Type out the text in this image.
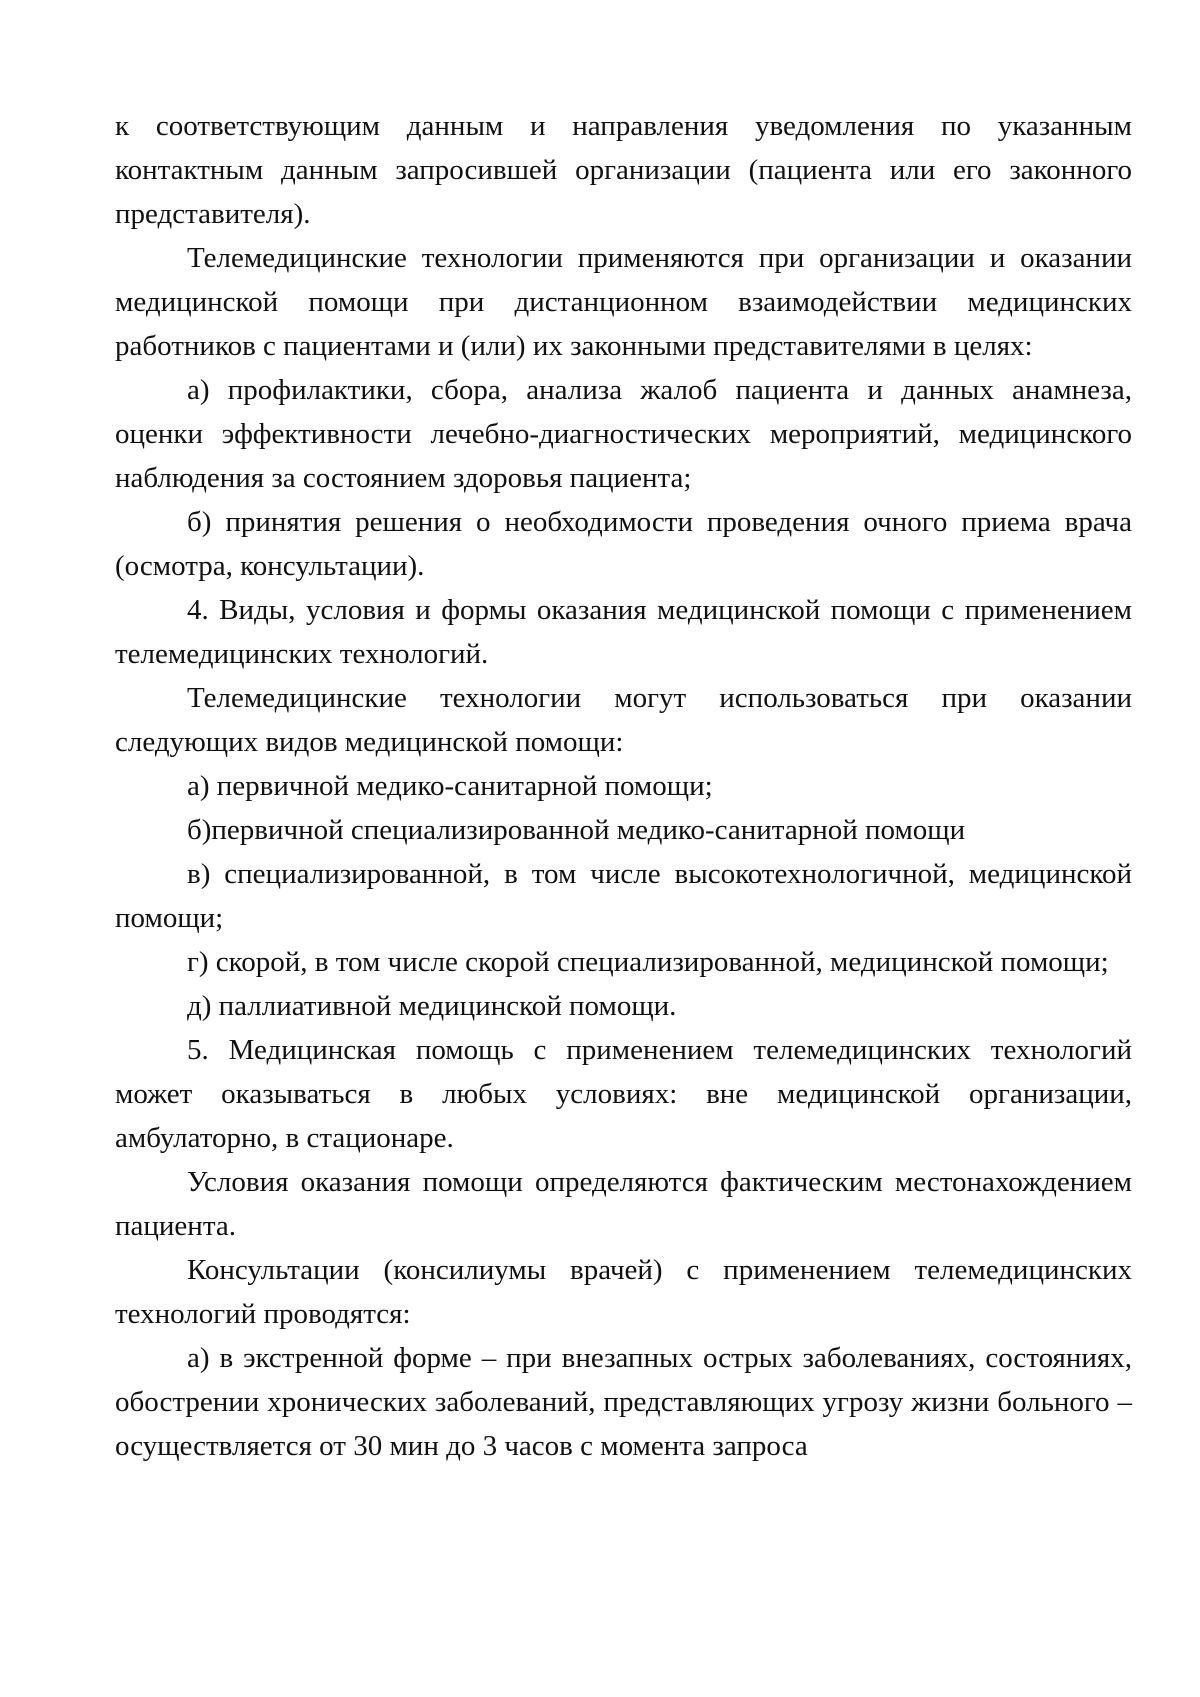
к соответствующим данным и направления уведомления по указанным контактным данным запросившей организации (пациента или его законного представителя).

Телемедицинские технологии применяются при организации и оказании медицинской помощи при дистанционном взаимодействии медицинских работников с пациентами и (или) их законными представителями в целях:

а) профилактики, сбора, анализа жалоб пациента и данных анамнеза, оценки эффективности лечебно-диагностических мероприятий, медицинского наблюдения за состоянием здоровья пациента;

б) принятия решения о необходимости проведения очного приема врача (осмотра, консультации).

4. Виды, условия и формы оказания медицинской помощи с применением телемедицинских технологий.

Телемедицинские технологии могут использоваться при оказании следующих видов медицинской помощи:

а) первичной медико-санитарной помощи;

б)первичной специализированной медико-санитарной помощи

в) специализированной, в том числе высокотехнологичной, медицинской помощи;

г) скорой, в том числе скорой специализированной, медицинской помощи;

д) паллиативной медицинской помощи.

5. Медицинская помощь с применением телемедицинских технологий может оказываться в любых условиях: вне медицинской организации, амбулаторно, в стационаре.

Условия оказания помощи определяются фактическим местонахождением пациента.

Консультации (консилиумы врачей) с применением телемедицинских технологий проводятся:

а) в экстренной форме – при внезапных острых заболеваниях, состояниях, обострении хронических заболеваний, представляющих угрозу жизни больного – осуществляется от 30 мин до 3 часов с момента запроса
